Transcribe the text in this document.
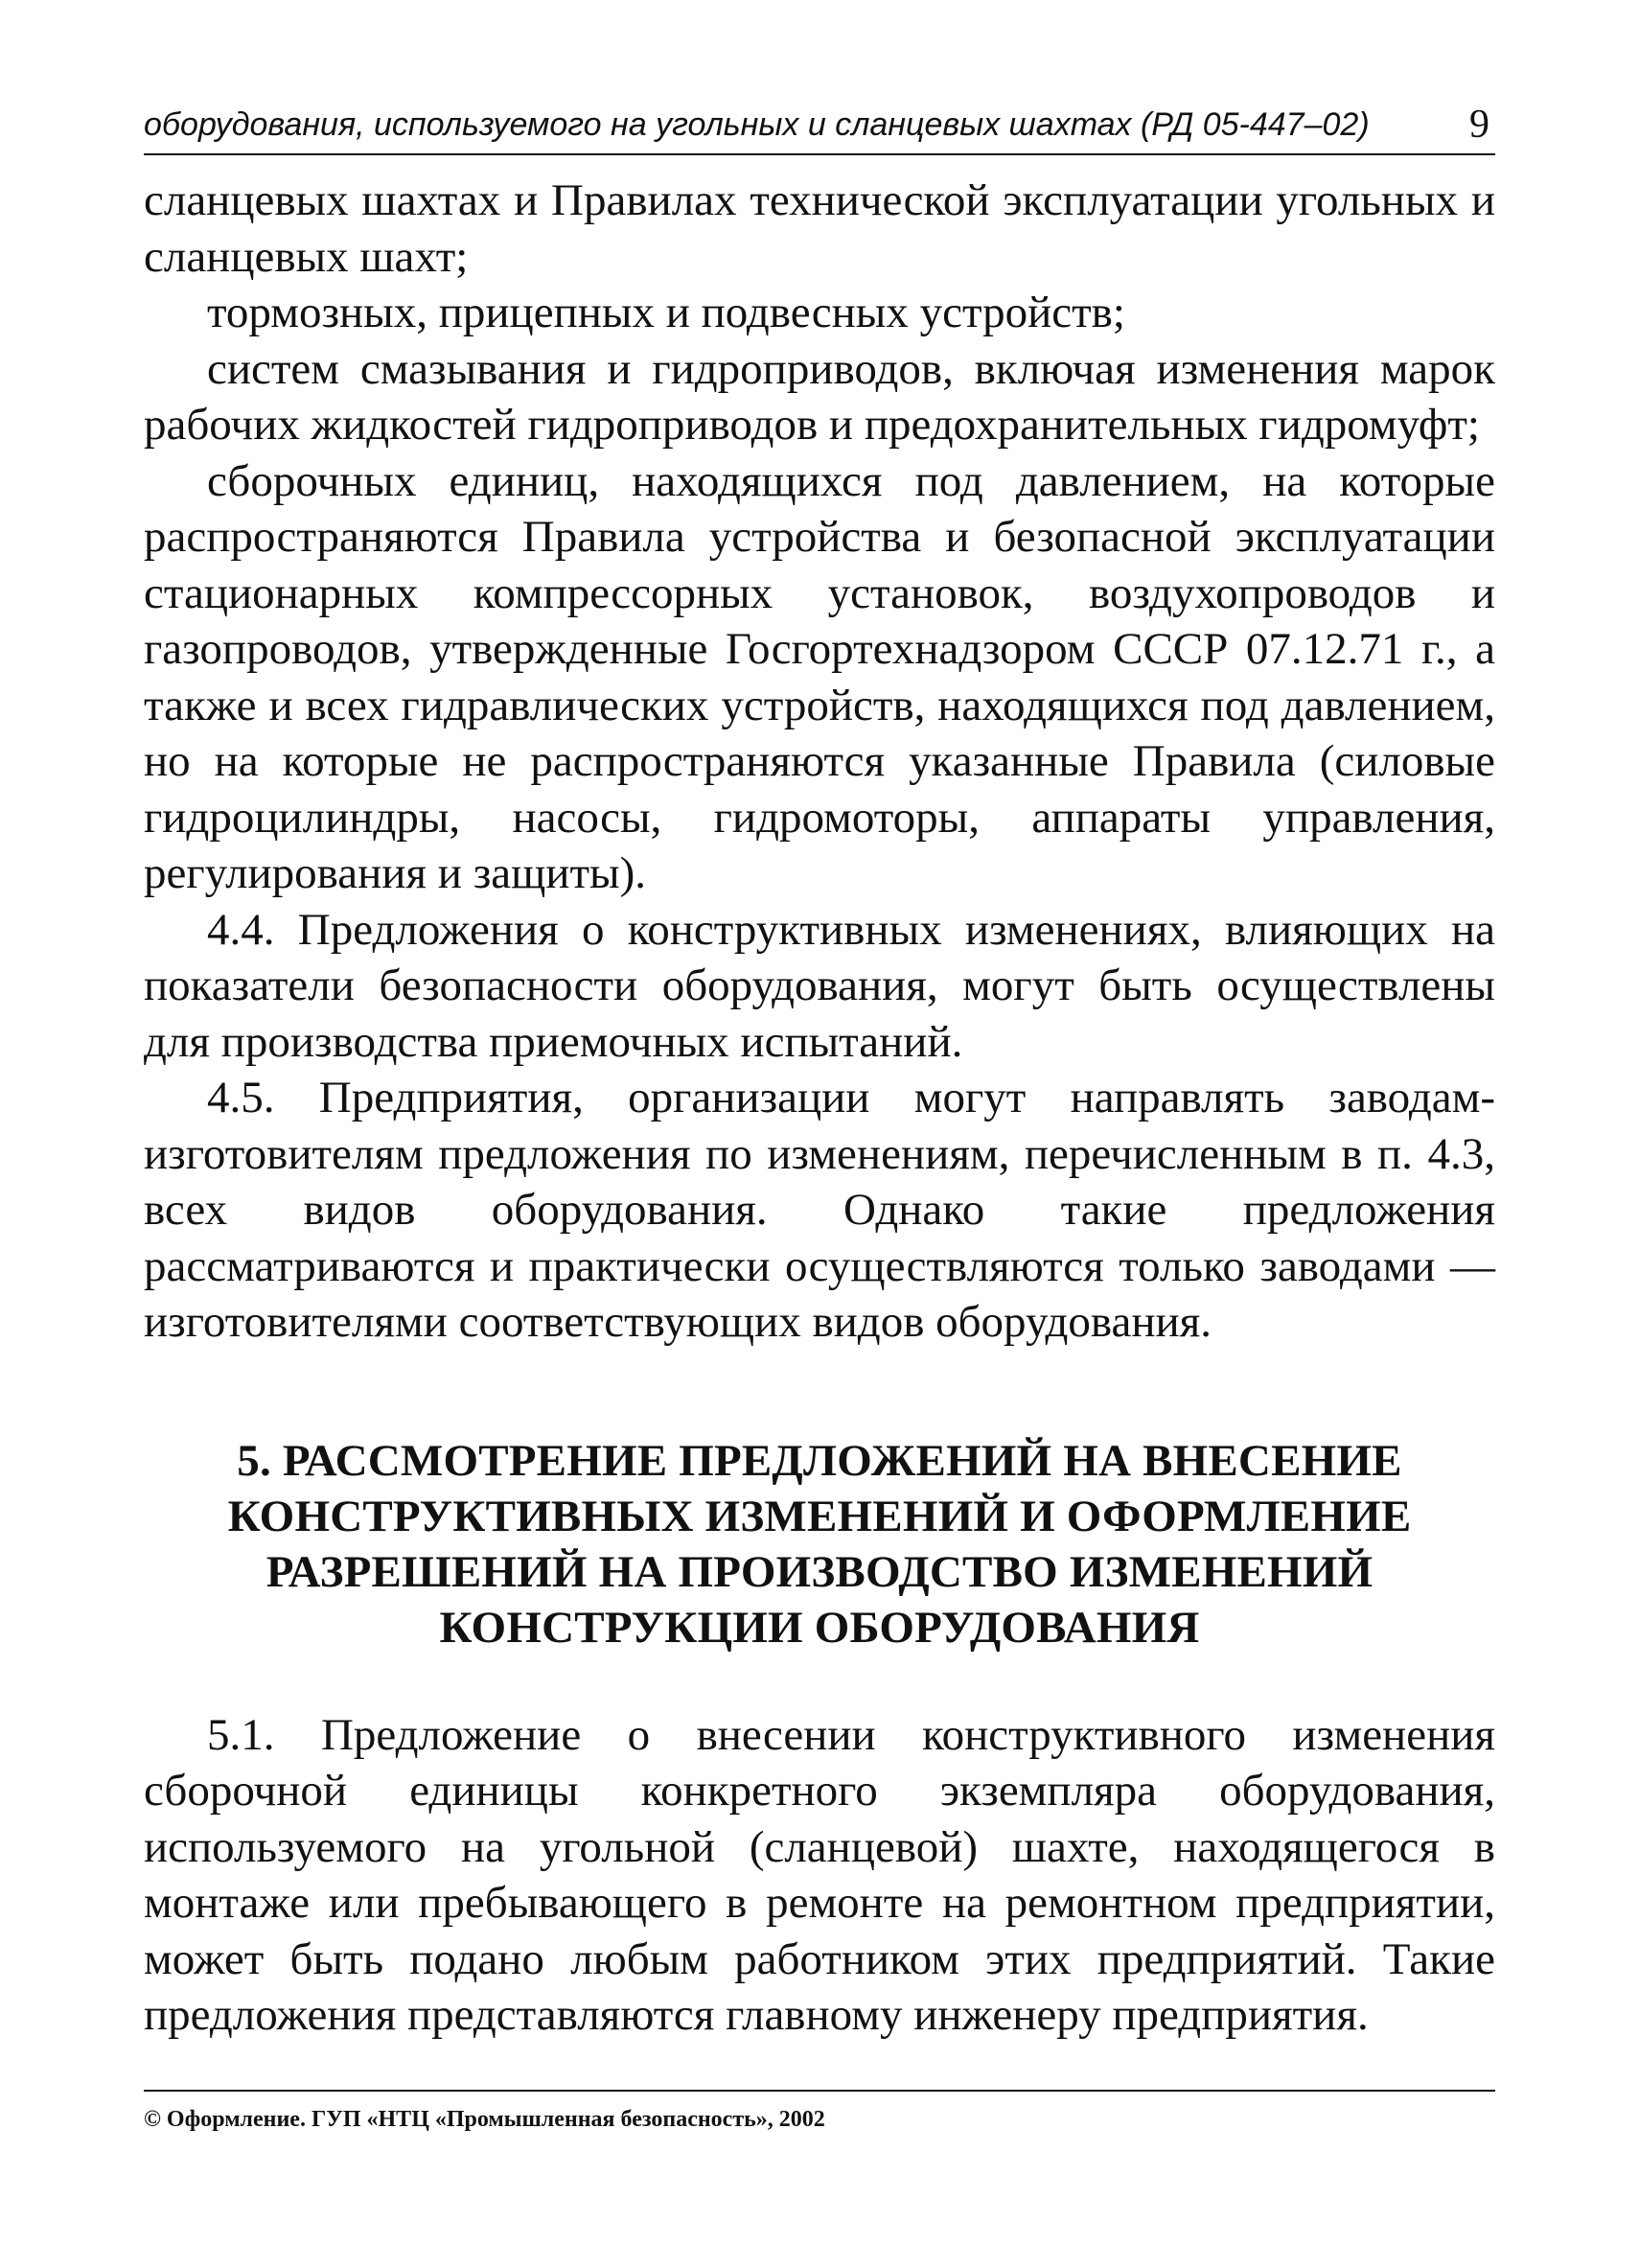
оборудования, используемого на угольных и сланцевых шахтах (РД 05-447–02) 9

сланцевых шахтах и Правилах технической эксплуатации угольных и сланцевых шахт;

тормозных, прицепных и подвесных устройств;

систем смазывания и гидроприводов, включая изменения марок рабочих жидкостей гидроприводов и предохранительных гидромуфт;

сборочных единиц, находящихся под давлением, на которые распространяются Правила устройства и безопасной эксплуатации стационарных компрессорных установок, воздухопроводов и газопроводов, утвержденные Госгортехнадзором СССР 07.12.71 г., а также и всех гидравлических устройств, находящихся под давлением, но на которые не распространяются указанные Правила (силовые гидроцилиндры, насосы, гидромоторы, аппараты управления, регулирования и защиты).

4.4. Предложения о конструктивных изменениях, влияющих на показатели безопасности оборудования, могут быть осуществлены для производства приемочных испытаний.

4.5. Предприятия, организации могут направлять заводам-изготовителям предложения по изменениям, перечисленным в п. 4.3, всех видов оборудования. Однако такие предложения рассматриваются и практически осуществляются только заводами — изготовителями соответствующих видов оборудования.

5. РАССМОТРЕНИЕ ПРЕДЛОЖЕНИЙ НА ВНЕСЕНИЕ КОНСТРУКТИВНЫХ ИЗМЕНЕНИЙ И ОФОРМЛЕНИЕ РАЗРЕШЕНИЙ НА ПРОИЗВОДСТВО ИЗМЕНЕНИЙ КОНСТРУКЦИИ ОБОРУДОВАНИЯ

5.1. Предложение о внесении конструктивного изменения сборочной единицы конкретного экземпляра оборудования, используемого на угольной (сланцевой) шахте, находящегося в монтаже или пребывающего в ремонте на ремонтном предприятии, может быть подано любым работником этих предприятий. Такие предложения представляются главному инженеру предприятия.

© Оформление. ГУП «НТЦ «Промышленная безопасность», 2002
